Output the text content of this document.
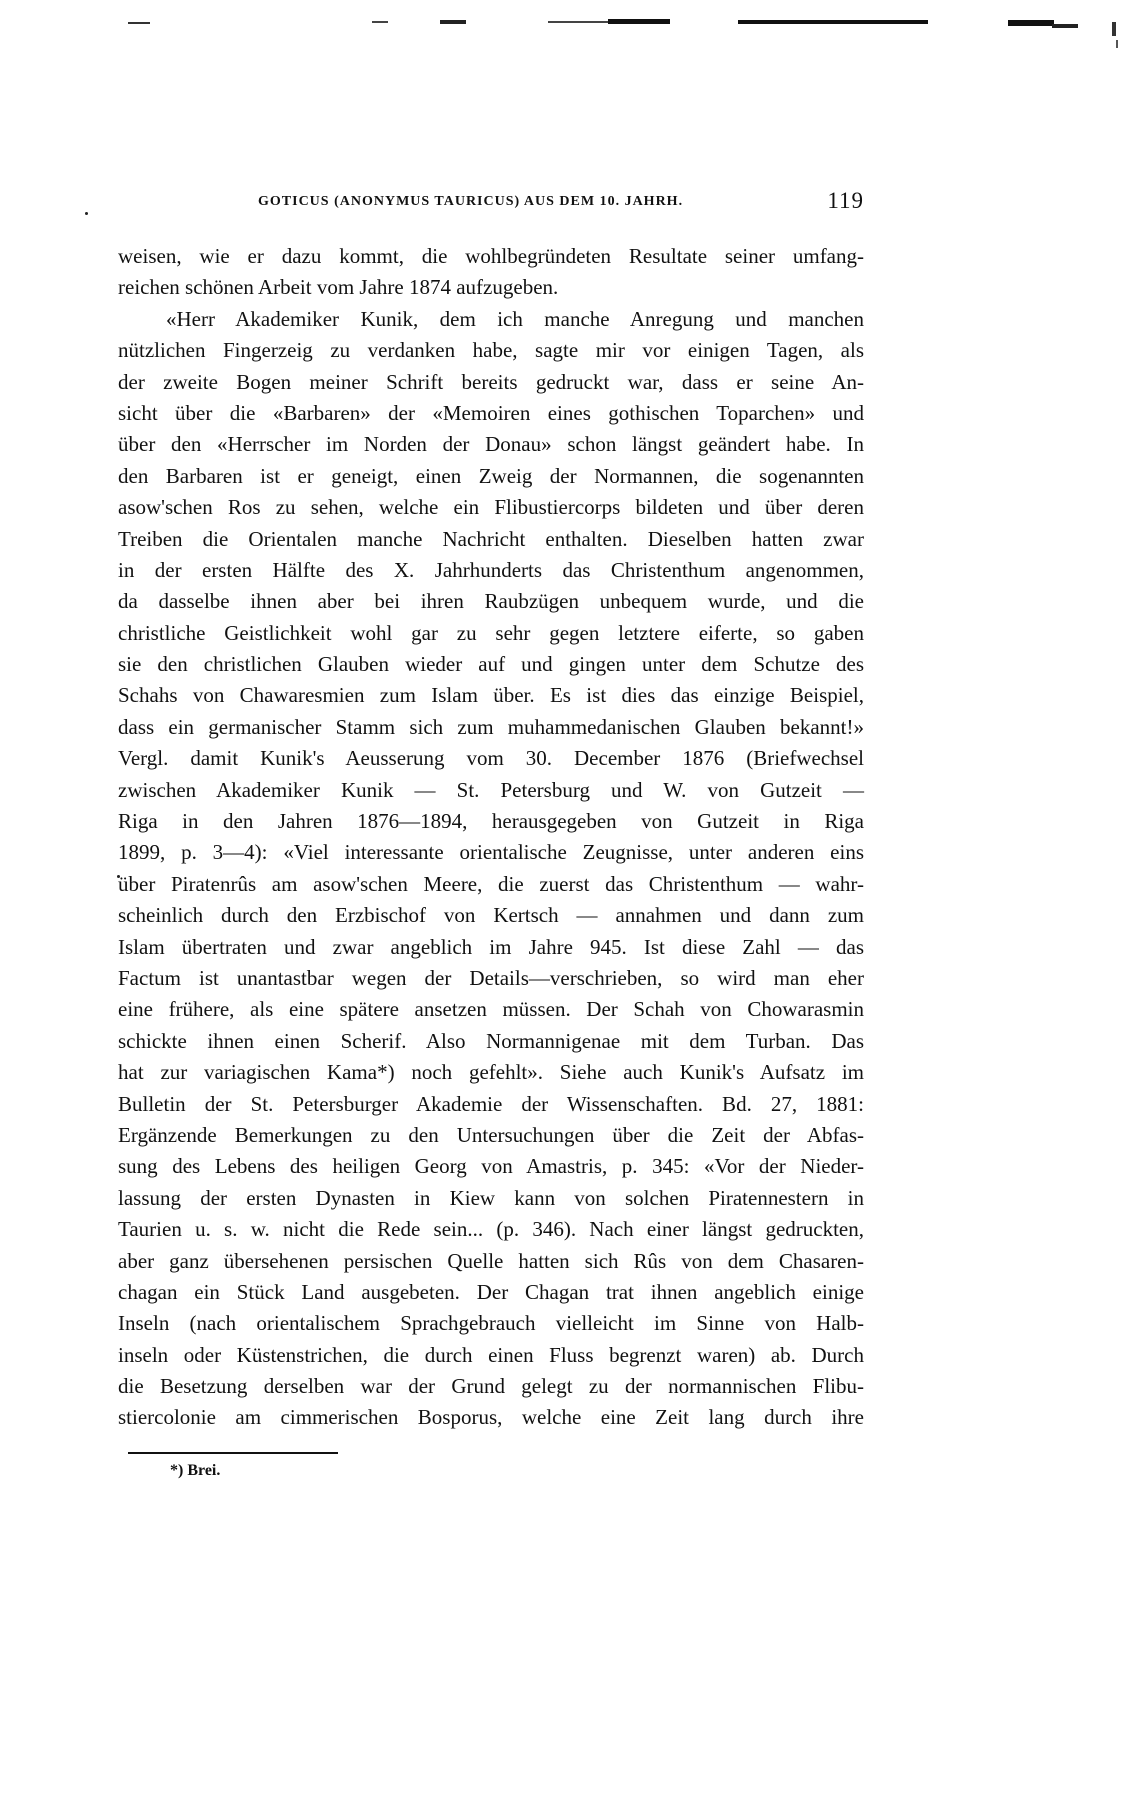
GOTICUS (ANONYMUS TAURICUS) AUS DEM 10. JAHRH.	119
weisen, wie er dazu kommt, die wohlbegründeten Resultate seiner umfang-
reichen schönen Arbeit vom Jahre 1874 aufzugeben.
«Herr Akademiker Kunik, dem ich manche Anregung und manchen
nützlichen Fingerzeig zu verdanken habe, sagte mir vor einigen Tagen, als
der zweite Bogen meiner Schrift bereits gedruckt war, dass er seine An-
sicht über die «Barbaren» der «Memoiren eines gothischen Toparchen» und
über den «Herrscher im Norden der Donau» schon längst geändert habe. In
den Barbaren ist er geneigt, einen Zweig der Normannen, die sogenannten
asow'schen Ros zu sehen, welche ein Flibustiercorps bildeten und über deren
Treiben die Orientalen manche Nachricht enthalten. Dieselben hatten zwar
in der ersten Hälfte des X. Jahrhunderts das Christenthum angenommen,
da dasselbe ihnen aber bei ihren Raubzügen unbequem wurde, und die
christliche Geistlichkeit wohl gar zu sehr gegen letztere eiferte, so gaben
sie den christlichen Glauben wieder auf und gingen unter dem Schutze des
Schahs von Chawaresmien zum Islam über. Es ist dies das einzige Beispiel,
dass ein germanischer Stamm sich zum muhammedanischen Glauben bekannt!»
Vergl. damit Kunik's Aeusserung vom 30. December 1876 (Briefwechsel
zwischen Akademiker Kunik — St. Petersburg und W. von Gutzeit —
Riga in den Jahren 1876—1894, herausgegeben von Gutzeit in Riga
1899, p. 3—4): «Viel interessante orientalische Zeugnisse, unter anderen eins
über Piratenrûs am asow'schen Meere, die zuerst das Christenthum — wahr-
scheinlich durch den Erzbischof von Kertsch — annahmen und dann zum
Islam übertraten und zwar angeblich im Jahre 945. Ist diese Zahl — das
Factum ist unantastbar wegen der Details—verschrieben, so wird man eher
eine frühere, als eine spätere ansetzen müssen. Der Schah von Chowarasmin
schickte ihnen einen Scherif. Also Normannigenae mit dem Turban. Das
hat zur variagischen Kama*) noch gefehlt». Siehe auch Kunik's Aufsatz im
Bulletin der St. Petersburger Akademie der Wissenschaften. Bd. 27, 1881:
Ergänzende Bemerkungen zu den Untersuchungen über die Zeit der Abfas-
sung des Lebens des heiligen Georg von Amastris, p. 345: «Vor der Nieder-
lassung der ersten Dynasten in Kiew kann von solchen Piratennestern in
Taurien u. s. w. nicht die Rede sein... (p. 346). Nach einer längst gedruckten,
aber ganz übersehenen persischen Quelle hatten sich Rûs von dem Chasaren-
chagan ein Stück Land ausgebeten. Der Chagan trat ihnen angeblich einige
Inseln (nach orientalischem Sprachgebrauch vielleicht im Sinne von Halb-
inseln oder Küstenstrichen, die durch einen Fluss begrenzt waren) ab. Durch
die Besetzung derselben war der Grund gelegt zu der normannischen Flibu-
stiercolonie am cimmerischen Bosporus, welche eine Zeit lang durch ihre
*) Brei.
